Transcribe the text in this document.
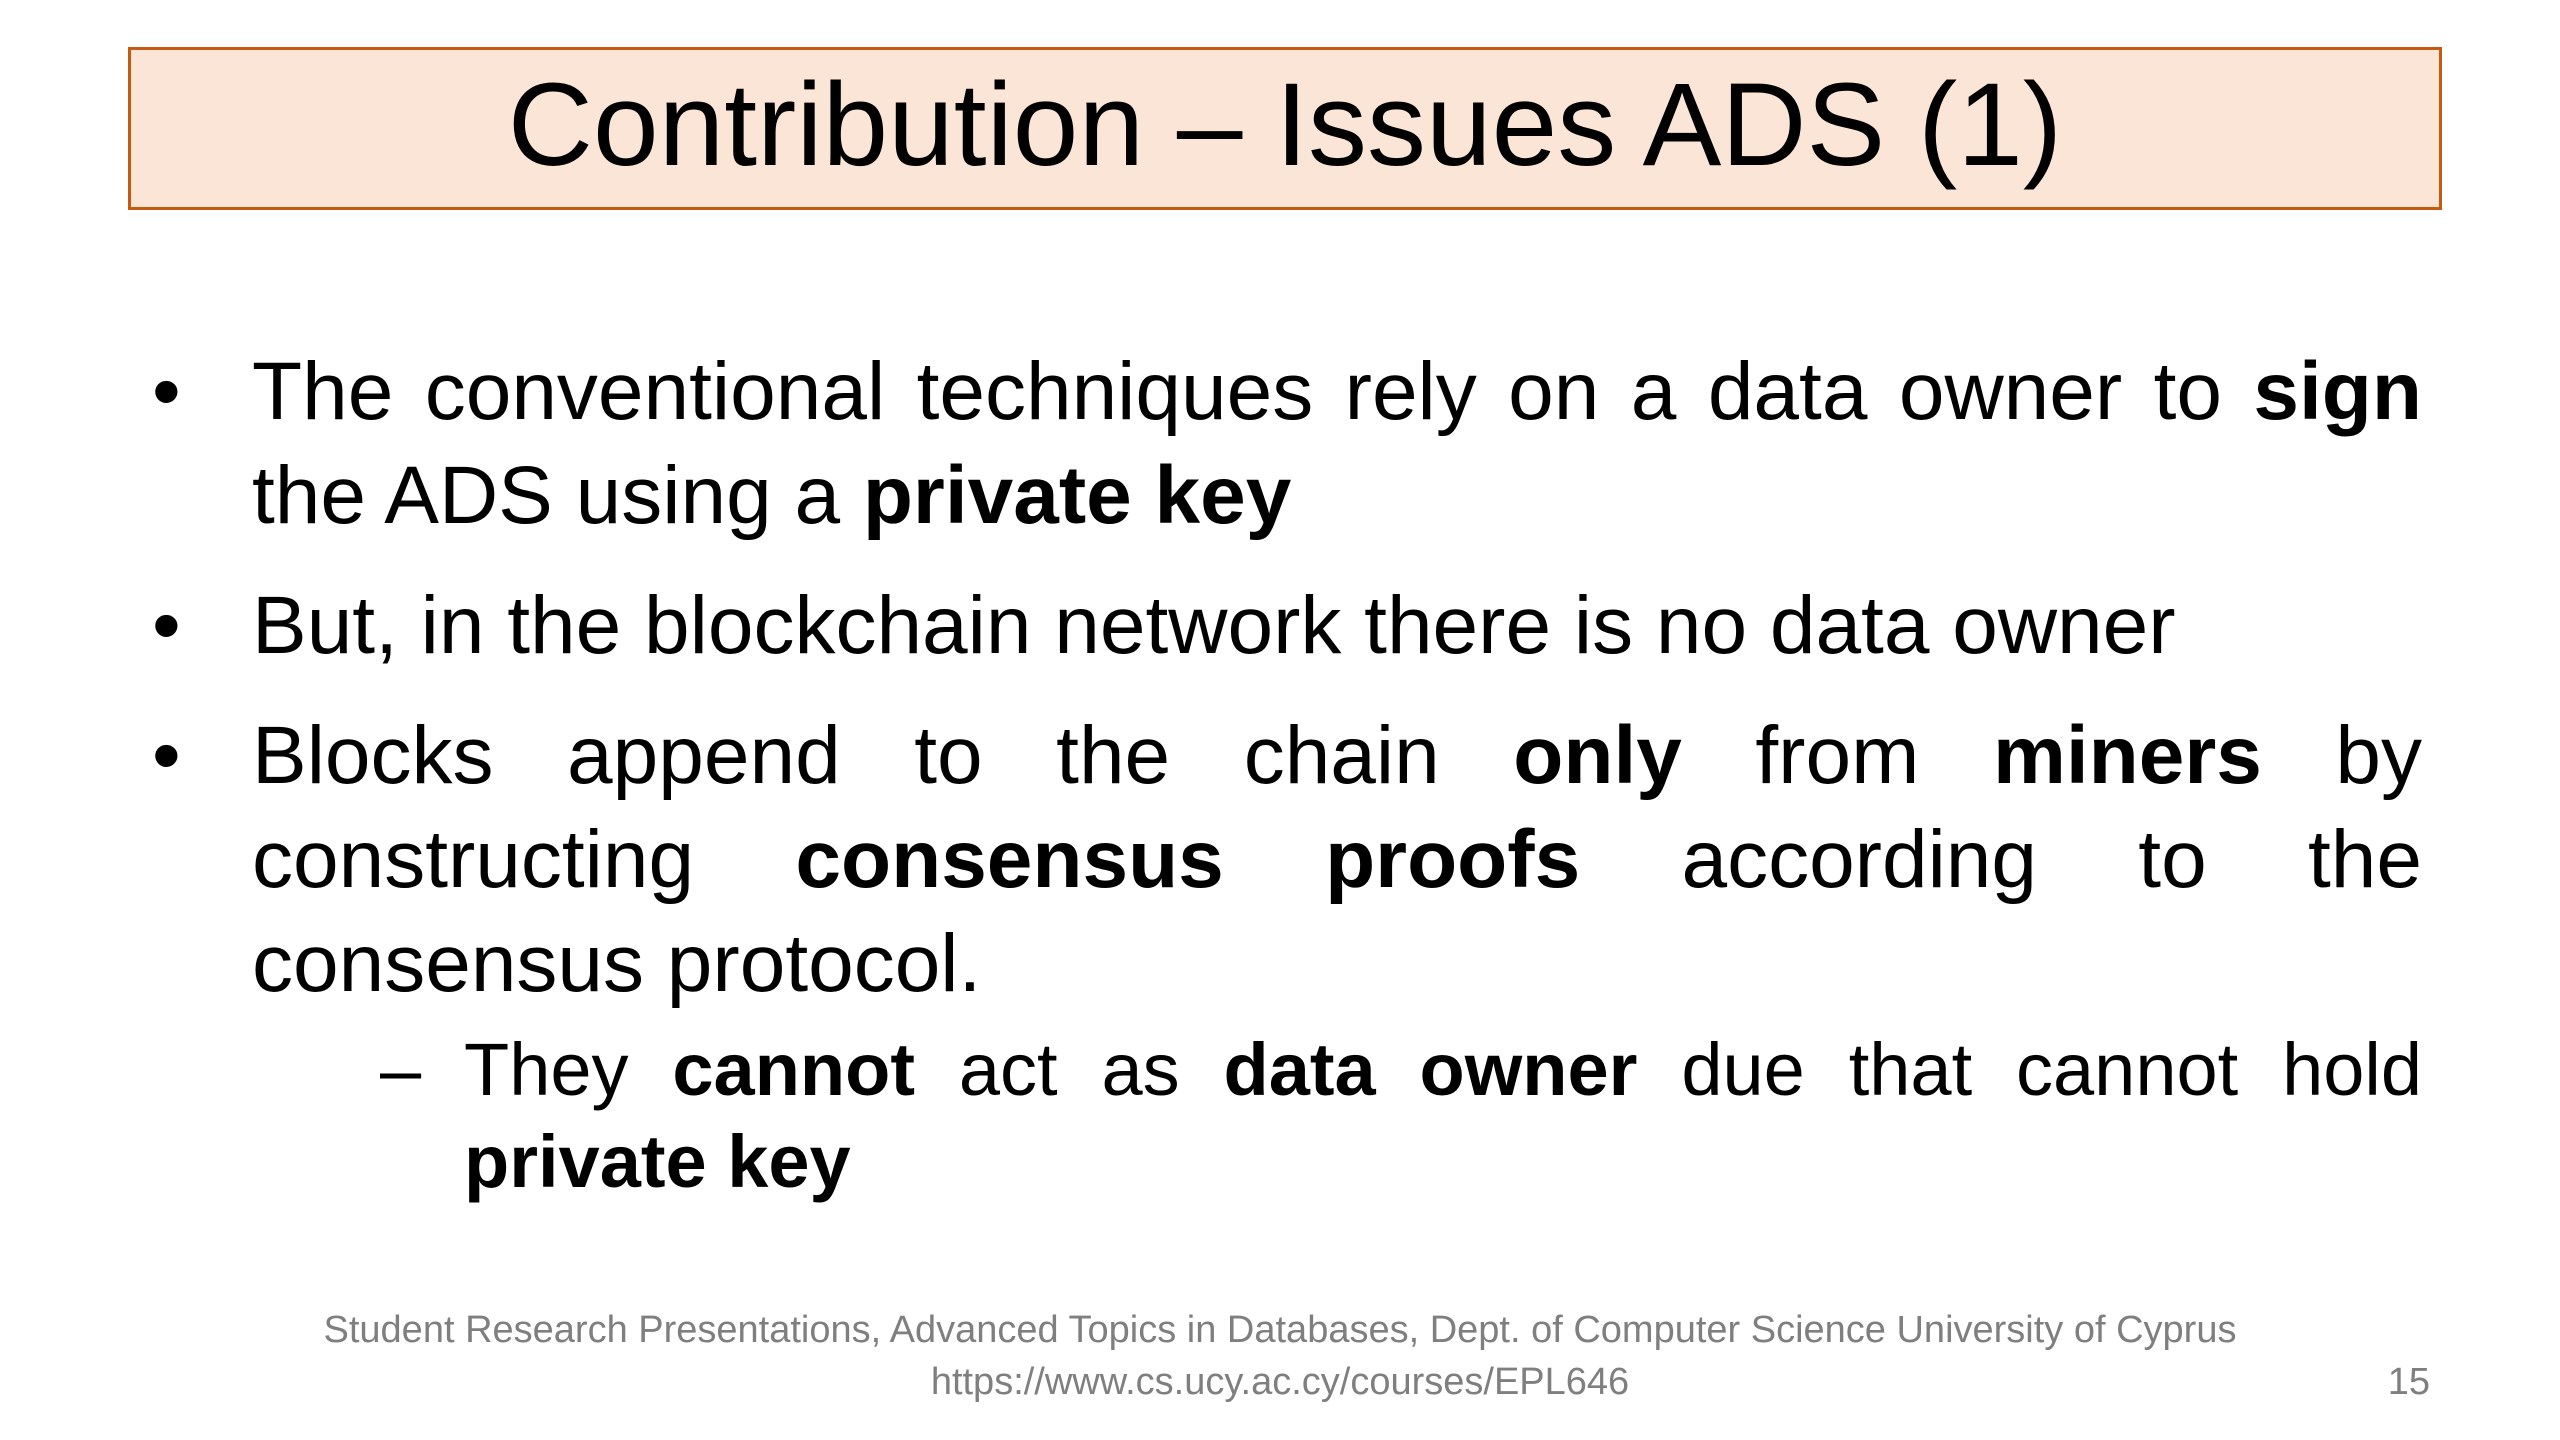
Contribution – Issues ADS (1)
• The conventional techniques rely on a data owner to sign the ADS using a private key
• But, in the blockchain network there is no data owner
• Blocks append to the chain only from miners by constructing consensus proofs according to the consensus protocol.
– They cannot act as data owner due that cannot hold private key
Student Research Presentations, Advanced Topics in Databases, Dept. of Computer Science University of Cyprus
https://www.cs.ucy.ac.cy/courses/EPL646	15
